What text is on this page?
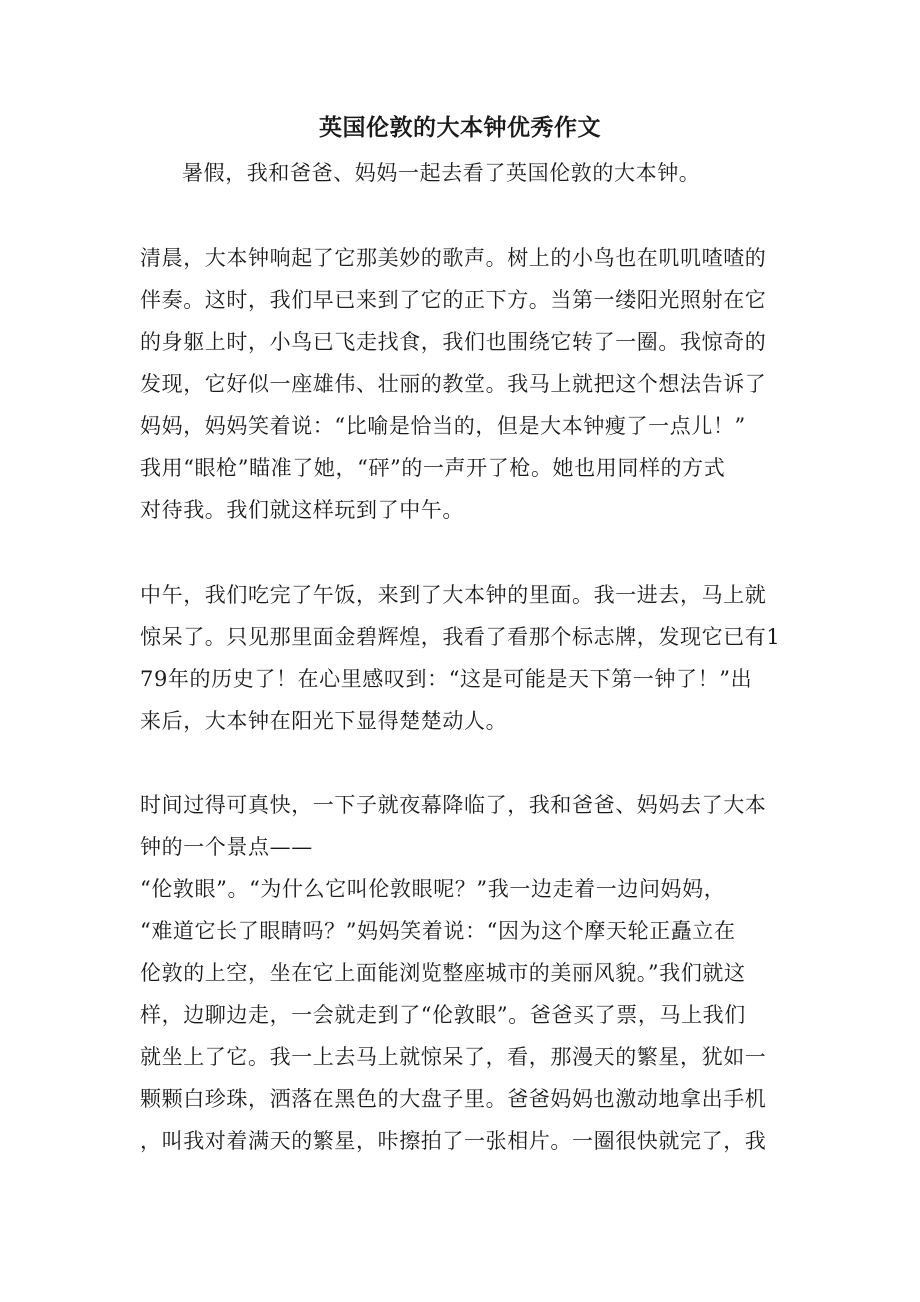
英国伦敦的大本钟优秀作文
暑假，我和爸爸、妈妈一起去看了英国伦敦的大本钟。
清晨，大本钟响起了它那美妙的歌声。树上的小鸟也在叽叽喳喳的
伴奏。这时，我们早已来到了它的正下方。当第一缕阳光照射在它
的身躯上时，小鸟已飞走找食，我们也围绕它转了一圈。我惊奇的
发现，它好似一座雄伟、壮丽的教堂。我马上就把这个想法告诉了
妈妈，妈妈笑着说：“比喻是恰当的，但是大本钟瘦了一点儿！”
我用“眼枪”瞄准了她，“砰”的一声开了枪。她也用同样的方式
对待我。我们就这样玩到了中午。
中午，我们吃完了午饭，来到了大本钟的里面。我一进去，马上就
惊呆了。只见那里面金碧辉煌，我看了看那个标志牌，发现它已有1
79年的历史了！在心里感叹到：“这是可能是天下第一钟了！”出
来后，大本钟在阳光下显得楚楚动人。
时间过得可真快，一下子就夜幕降临了，我和爸爸、妈妈去了大本
钟的一个景点——
“伦敦眼”。“为什么它叫伦敦眼呢？”我一边走着一边问妈妈，
“难道它长了眼睛吗？”妈妈笑着说：“因为这个摩天轮正矗立在
伦敦的上空，坐在它上面能浏览整座城市的美丽风貌。”我们就这
样，边聊边走，一会就走到了“伦敦眼”。爸爸买了票，马上我们
就坐上了它。我一上去马上就惊呆了，看，那漫天的繁星，犹如一
颗颗白珍珠，洒落在黑色的大盘子里。爸爸妈妈也激动地拿出手机
，叫我对着满天的繁星，咔擦拍了一张相片。一圈很快就完了，我
